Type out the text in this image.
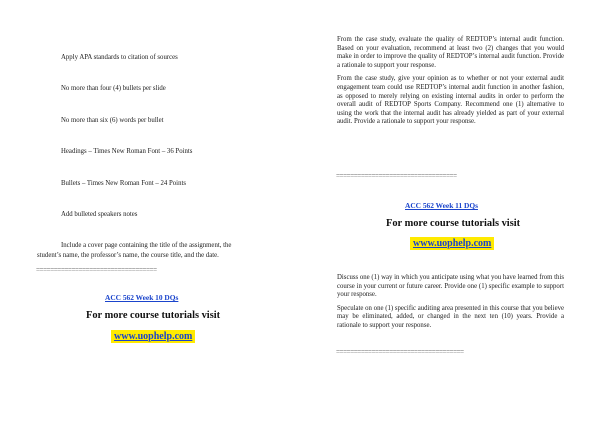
Apply APA standards to citation of sources
No more than four (4) bullets per slide
No more than six (6) words per bullet
Headings – Times New Roman Font – 36 Points
Bullets – Times New Roman Font – 24 Points
Add bulleted speakers notes
Include a cover page containing the title of the assignment, the
student’s name, the professor’s name, the course title, and the date.
==================================
ACC 562 Week 10 DQs
For more course tutorials visit
www.uophelp.com

From the case study, evaluate the quality of REDTOP’s internal audit function. Based on your evaluation, recommend at least two (2) changes that you would make in order to improve the quality of REDTOP’s internal audit function. Provide a rationale to support your response.

From the case study, give your opinion as to whether or not your external audit engagement team could use REDTOP’s internal audit function in another fashion, as opposed to merely relying on existing internal audits in order to perform the overall audit of REDTOP Sports Company. Recommend one (1) alternative to using the work that the internal audit has already yielded as part of your external audit. Provide a rationale to support your response.

==================================
ACC 562 Week 11 DQs
For more course tutorials visit
www.uophelp.com

Discuss one (1) way in which you anticipate using what you have learned from this course in your current or future career. Provide one (1) specific example to support your response.

Speculate on one (1) specific auditing area presented in this course that you believe may be eliminated, added, or changed in the next ten (10) years. Provide a rationale to support your response.

====================================
